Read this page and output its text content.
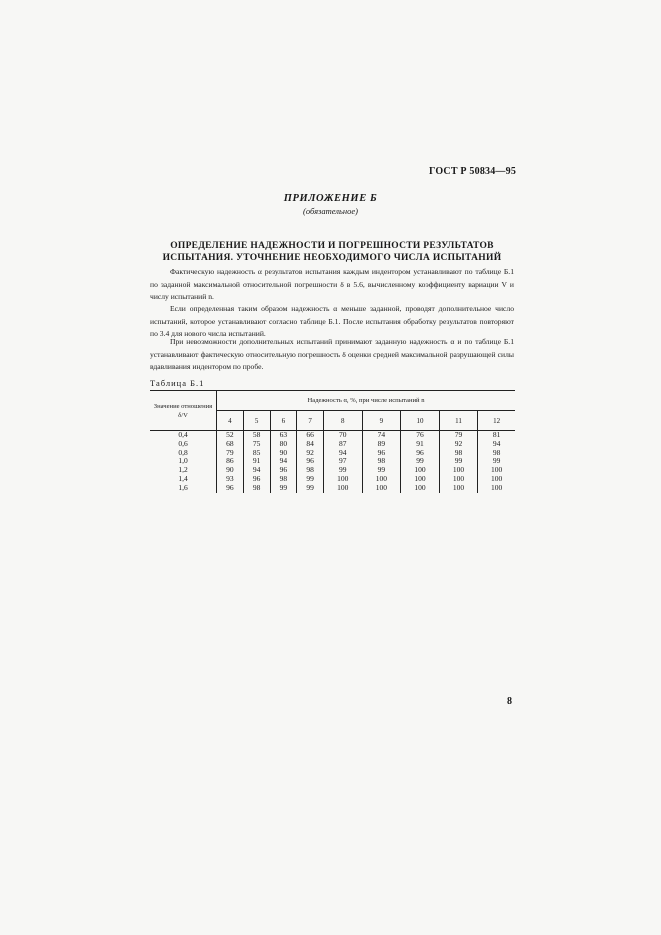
ГОСТ Р 50834—95
ПРИЛОЖЕНИЕ Б
(обязательное)
ОПРЕДЕЛЕНИЕ НАДЕЖНОСТИ И ПОГРЕШНОСТИ РЕЗУЛЬТАТОВ
ИСПЫТАНИЯ. УТОЧНЕНИЕ НЕОБХОДИМОГО ЧИСЛА ИСПЫТАНИЙ

Фактическую надежность α результатов испытания каждым индентором устанавливают по таблице Б.1 по заданной максимальной относительной погрешности δ в 5.6, вычисленному коэффициенту вариации V и числу испытаний n.

Если определенная таким образом надежность α меньше заданной, проводят дополнительное число испытаний, которое устанавливают согласно таблице Б.1. После испытания обработку результатов повторяют по 3.4 для нового числа испытаний.

При невозможности дополнительных испытаний принимают заданную надежность α и по таблице Б.1 устанавливают фактическую относительную погрешность δ оценки средней максимальной разрушающей силы вдавливания индентором по пробе.

Таблица Б.1
Значение отношения δ/V	Надежность α, %, при числе испытаний n								
	4	5	6	7	8	9	10	11	12
0,4	52	58	63	66	70	74	76	79	81
0,6	68	75	80	84	87	89	91	92	94
0,8	79	85	90	92	94	96	96	98	98
1,0	86	91	94	96	97	98	99	99	99
1,2	90	94	96	98	99	99	100	100	100
1,4	93	96	98	99	100	100	100	100	100
1,6	96	98	99	99	100	100	100	100	100
8
